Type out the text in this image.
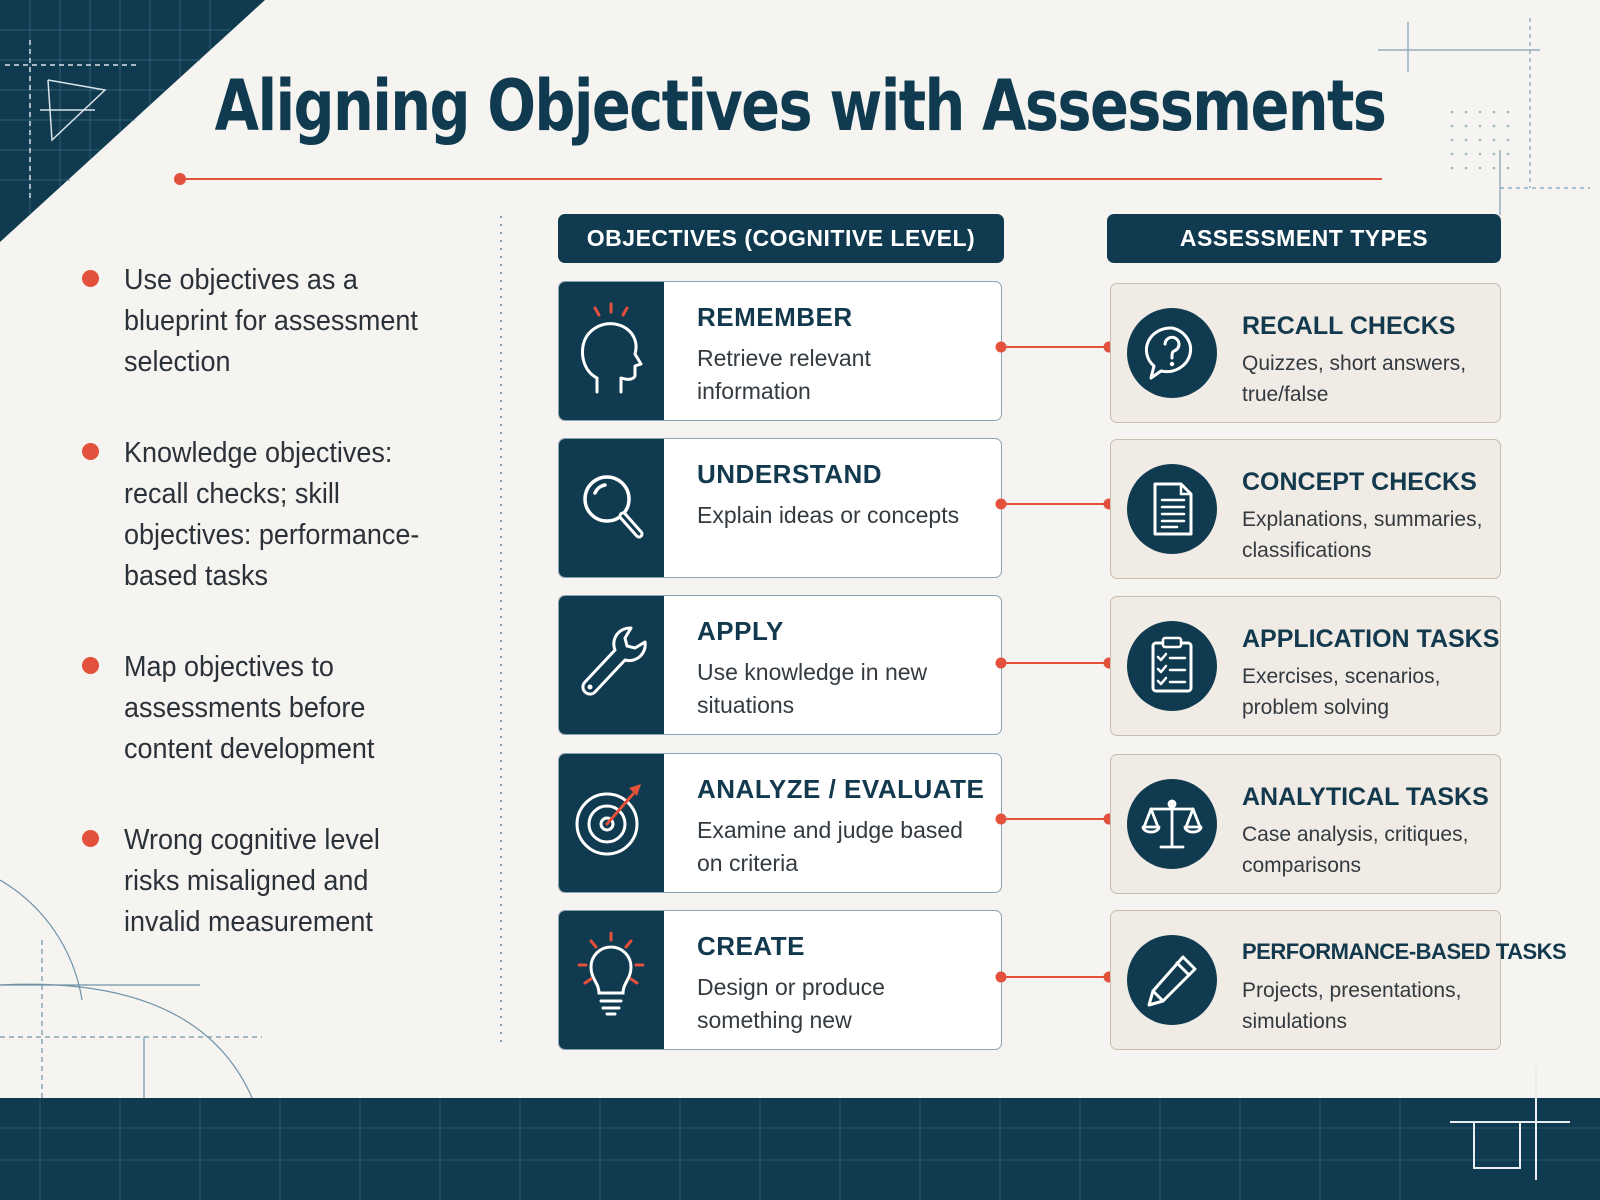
Aligning Objectives with Assessments
Use objectives as a blueprint for assessment selection
Knowledge objectives: recall checks; skill objectives: performance-based tasks
Map objectives to assessments before content development
Wrong cognitive level risks misaligned and invalid measurement
OBJECTIVES (COGNITIVE LEVEL)	ASSESSMENT TYPES
REMEMBER
Retrieve relevant information
UNDERSTAND
Explain ideas or concepts
APPLY
Use knowledge in new situations
ANALYZE / EVALUATE
Examine and judge based on criteria
CREATE
Design or produce something new
RECALL CHECKS
Quizzes, short answers, true/false
CONCEPT CHECKS
Explanations, summaries, classifications
APPLICATION TASKS
Exercises, scenarios, problem solving
ANALYTICAL TASKS
Case analysis, critiques, comparisons
PERFORMANCE-BASED TASKS
Projects, presentations, simulations
